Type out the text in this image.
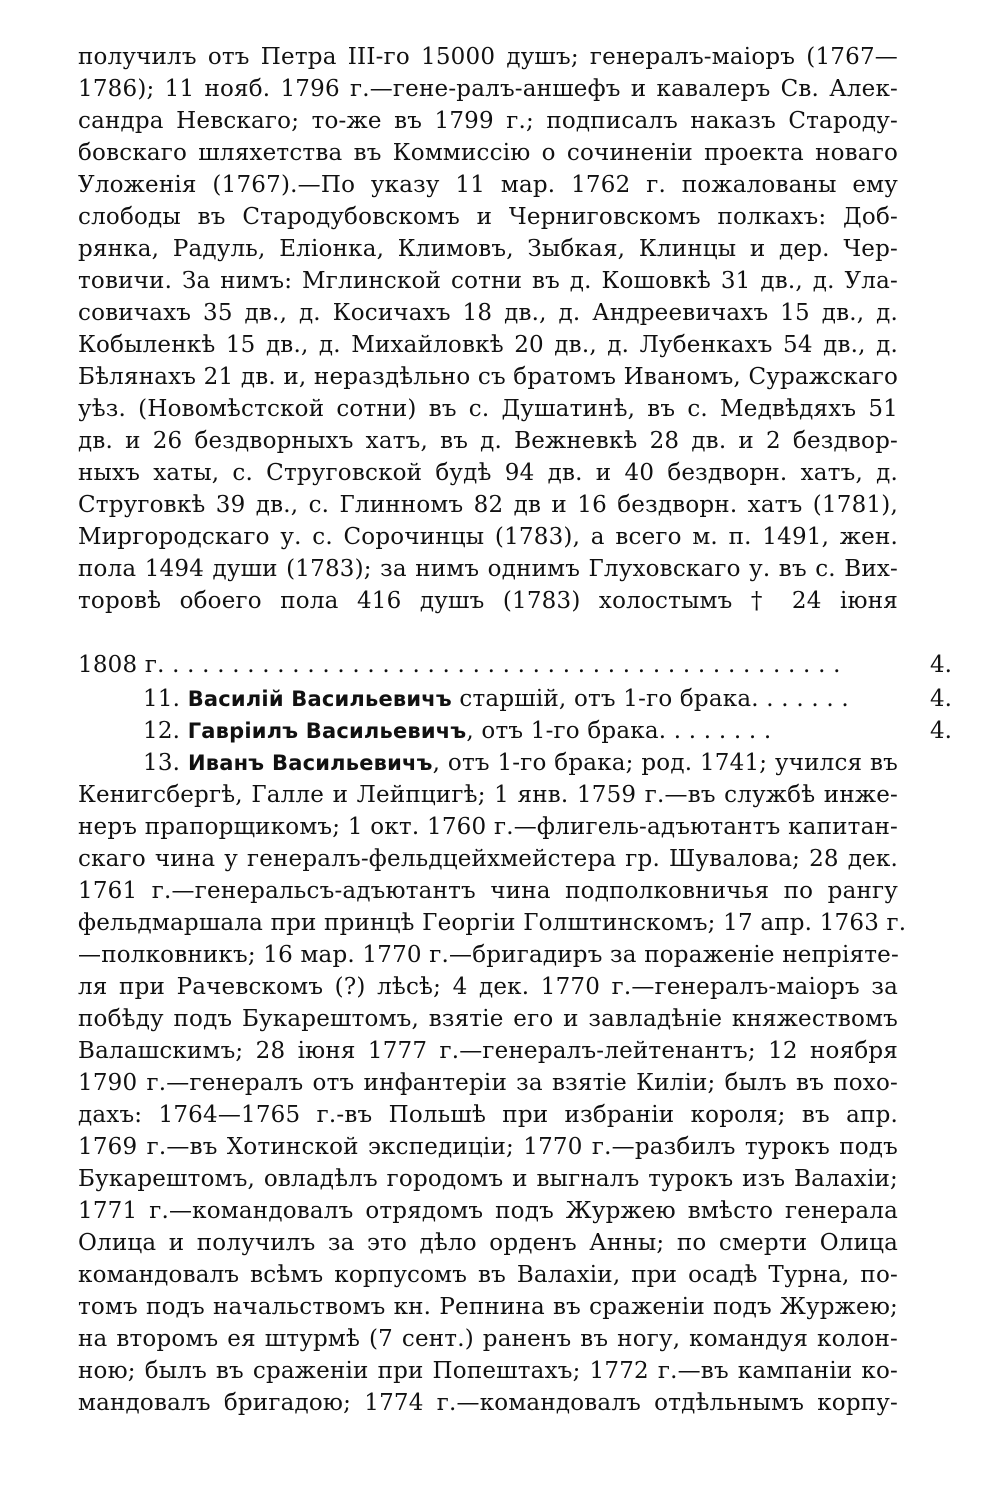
получилъ отъ Петра III-го 15000 душъ; генералъ-маіоръ (1767—
1786); 11 нояб. 1796 г.—гене-ралъ-аншефъ и кавалеръ Св. Алек-
сандра Невскаго; то-же въ 1799 г.; подписалъ наказъ Староду-
бовскаго шляхетства въ Коммиссію о сочиненіи проекта новаго
Уложенія (1767).—По указу 11 мар. 1762 г. пожалованы ему
слободы въ Стародубовскомъ и Черниговскомъ полкахъ: Доб-
рянка, Радуль, Еліонка, Климовъ, Зыбкая, Клинцы и дер. Чер-
товичи. За нимъ: Мглинской сотни въ д. Кошовкѣ 31 дв., д. Ула-
совичахъ 35 дв., д. Косичахъ 18 дв., д. Андреевичахъ 15 дв., д.
Кобыленкѣ 15 дв., д. Михайловкѣ 20 дв., д. Лубенкахъ 54 дв., д.
Бѣлянахъ 21 дв. и, нераздѣльно съ братомъ Иваномъ, Суражскаго
уѣз. (Новомѣстской сотни) въ с. Душатинѣ, въ с. Медвѣдяхъ 51
дв. и 26 бездворныхъ хатъ, въ д. Вежневкѣ 28 дв. и 2 бездвор-
ныхъ хаты, с. Струговской будѣ 94 дв. и 40 бездворн. хатъ, д.
Струговкѣ 39 дв., с. Глинномъ 82 дв и 16 бездворн. хатъ (1781),
Миргородскаго у. с. Сорочинцы (1783), а всего м. п. 1491, жен.
пола 1494 души (1783); за нимъ однимъ Глуховскаго у. въ с. Вих-
торовѣ обоего пола 416 душъ (1783) холостымъ † 24 іюня
1808 г. . . . . . . . . . . . . . . . . . . . . . . . . . . . . . . . . . . . . . . . . . . . . .	4.
11. Василій Васильевичъ старшій, отъ 1-го брака. . . . . . .	4.
12. Гавріилъ Васильевичъ, отъ 1-го брака. . . . . . . .	4.
13. Иванъ Васильевичъ, отъ 1-го брака; род. 1741; учился въ
Кенигсбергѣ, Галле и Лейпцигѣ; 1 янв. 1759 г.—въ службѣ инже-
неръ прапорщикомъ; 1 окт. 1760 г.—флигель-адъютантъ капитан-
скаго чина у генералъ-фельдцейхмейстера гр. Шувалова; 28 дек.
1761 г.—генеральсъ-адъютантъ чина подполковничья по рангу
фельдмаршала при принцѣ Георгіи Голштинскомъ; 17 апр. 1763 г.
—полковникъ; 16 мар. 1770 г.—бригадиръ за пораженіе непріяте-
ля при Рачевскомъ (?) лѣсѣ; 4 дек. 1770 г.—генералъ-маіоръ за
побѣду подъ Букарештомъ, взятіе его и завладѣніе княжествомъ
Валашскимъ; 28 іюня 1777 г.—генералъ-лейтенантъ; 12 ноября
1790 г.—генералъ отъ инфантеріи за взятіе Киліи; былъ въ похо-
дахъ: 1764—1765 г.-въ Польшѣ при избраніи короля; въ апр.
1769 г.—въ Хотинской экспедиціи; 1770 г.—разбилъ турокъ подъ
Букарештомъ, овладѣлъ городомъ и выгналъ турокъ изъ Валахіи;
1771 г.—командовалъ отрядомъ подъ Журжею вмѣсто генерала
Олица и получилъ за это дѣло орденъ Анны; по смерти Олица
командовалъ всѣмъ корпусомъ въ Валахіи, при осадѣ Турна, по-
томъ подъ начальствомъ кн. Репнина въ сраженіи подъ Журжею;
на второмъ ея штурмѣ (7 сент.) раненъ въ ногу, командуя колон-
ною; былъ въ сраженіи при Попештахъ; 1772 г.—въ кампаніи ко-
мандовалъ бригадою; 1774 г.—командовалъ отдѣльнымъ корпу-
